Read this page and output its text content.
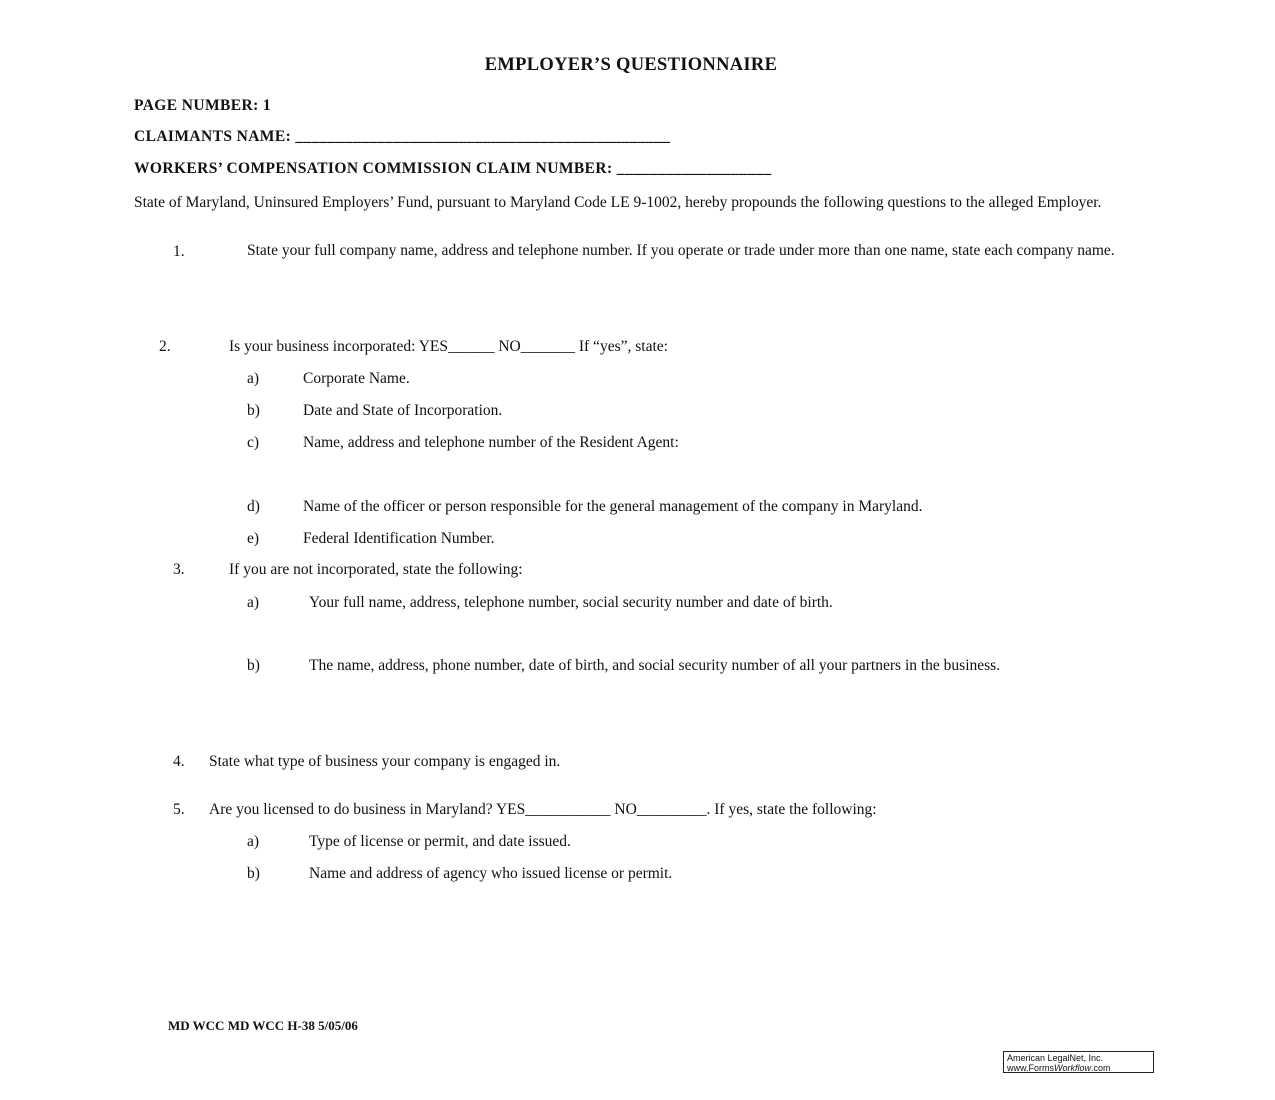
EMPLOYER’S QUESTIONNAIRE
PAGE NUMBER: 1
CLAIMANTS NAME: ______________________________________________
WORKERS’ COMPENSATION COMMISSION CLAIM NUMBER: ___________________
State of Maryland, Uninsured Employers’ Fund, pursuant to Maryland Code LE 9-1002, hereby propounds the following questions to the alleged Employer.
1.	State your full company name, address and telephone number. If you operate or trade under more than one name, state each company name.
2.	Is your business incorporated: YES______ NO_______ If “yes”, state:
a)	Corporate Name.
b)	Date and State of Incorporation.
c)	Name, address and telephone number of the Resident Agent:
d)	Name of the officer or person responsible for the general management of the company in Maryland.
e)	Federal Identification Number.
3.	If you are not incorporated, state the following:
a)	Your full name, address, telephone number, social security number and date of birth.
b)	The name, address, phone number, date of birth, and social security number of all your partners in the business.
4. State what type of business your company is engaged in.
5. Are you licensed to do business in Maryland? YES___________ NO_________. If yes, state the following:
a)	Type of license or permit, and date issued.
b)	Name and address of agency who issued license or permit.
MD WCC MD WCC H-38 5/05/06
American LegalNet, Inc.
www.FormsWorkflow.com
